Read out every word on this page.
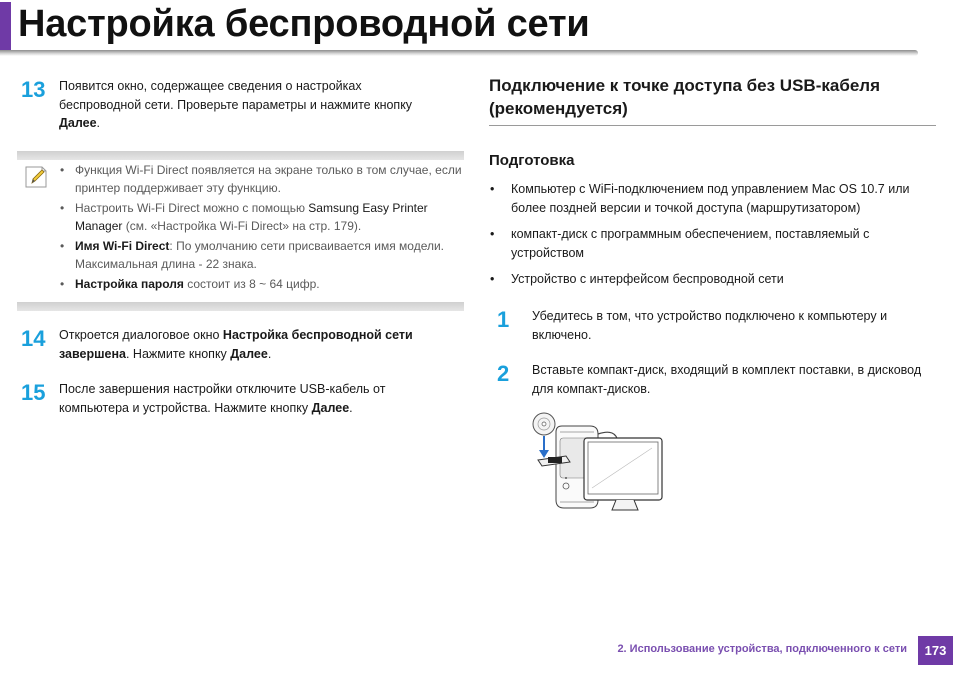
Настройка беспроводной сети
13 Появится окно, содержащее сведения о настройках
беспроводной сети. Проверьте параметры и нажмите кнопку
Далее.
• Функция Wi-Fi Direct появляется на экране только в том случае, если принтер поддерживает эту функцию.
• Настроить Wi-Fi Direct можно с помощью Samsung Easy Printer Manager (см. «Настройка Wi-Fi Direct» на стр. 179).
• Имя Wi-Fi Direct: По умолчанию сети присваивается имя модели. Максимальная длина - 22 знака.
• Настройка пароля состоит из 8 ~ 64 цифр.
14 Откроется диалоговое окно Настройка беспроводной сети
завершена. Нажмите кнопку Далее.
15 После завершения настройки отключите USB-кабель от
компьютера и устройства. Нажмите кнопку Далее.
Подключение к точке доступа без USB-кабеля (рекомендуется)
Подготовка
• Компьютер с WiFi-подключением под управлением Mac OS 10.7 или более поздней версии и точкой доступа (маршрутизатором)
• компакт-диск с программным обеспечением, поставляемый с устройством
• Устройство с интерфейсом беспроводной сети
1 Убедитесь в том, что устройство подключено к компьютеру и включено.
2 Вставьте компакт-диск, входящий в комплект поставки, в дисковод для компакт-дисков.
2. Использование устройства, подключенного к сети	173
